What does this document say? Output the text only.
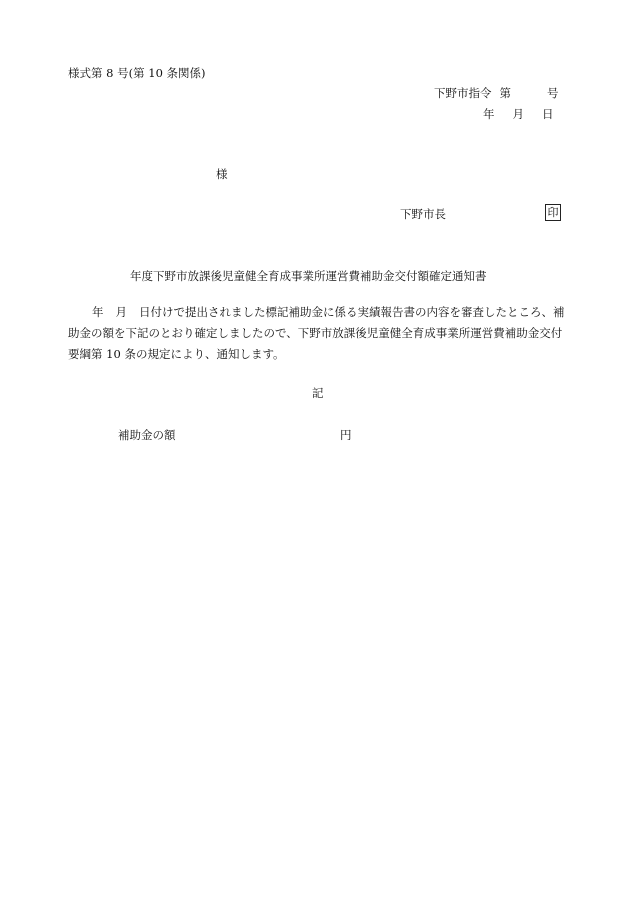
様式第 8 号(第 10 条関係)
下野市指令 第	号
年 月 日
様
下野市長	印
年度下野市放課後児童健全育成事業所運営費補助金交付額確定通知書
年 月 日付けで提出されました標記補助金に係る実績報告書の内容を審査したところ、補助金の額を下記のとおり確定しましたので、下野市放課後児童健全育成事業所運営費補助金交付要綱第 10 条の規定により、通知します。
記
補助金の額	円
